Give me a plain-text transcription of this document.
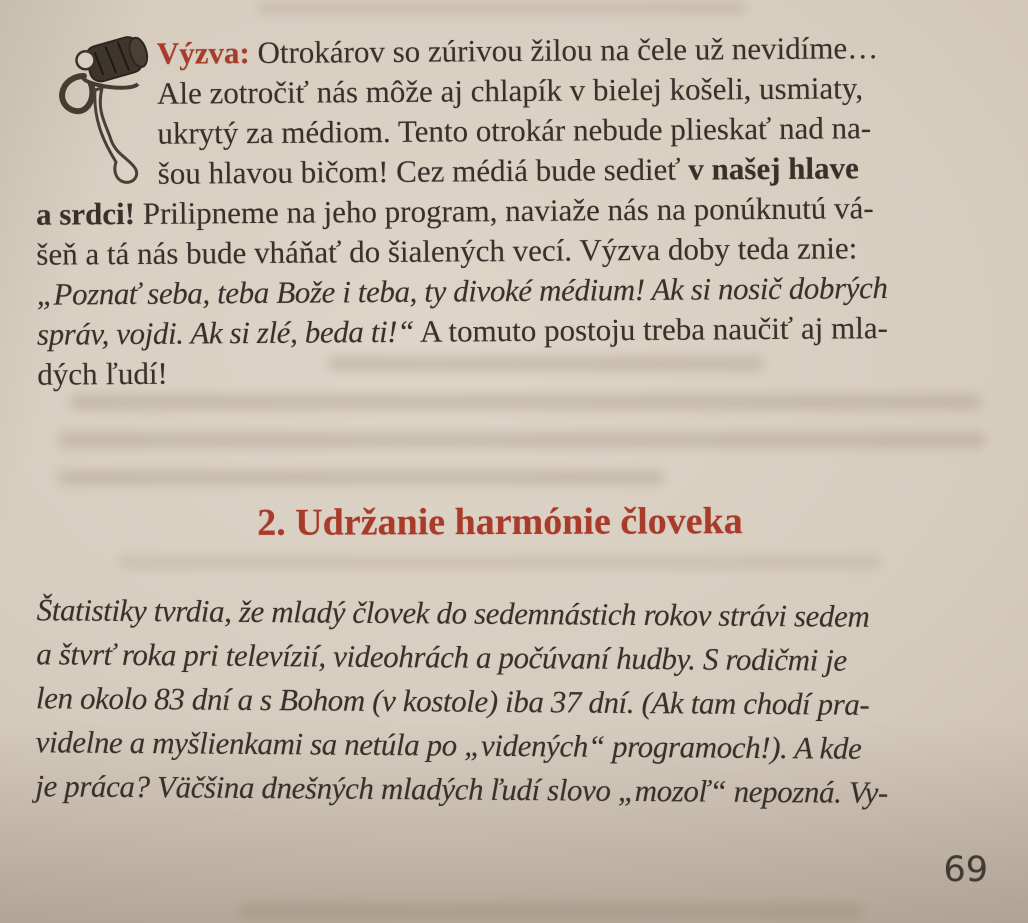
Výzva: Otrokárov so zúrivou žilou na čele už nevidíme…
Ale zotročiť nás môže aj chlapík v bielej košeli, usmiaty,
ukrytý za médiom. Tento otrokár nebude plieskať nad na-
šou hlavou bičom! Cez médiá bude sedieť v našej hlave
a srdci! Prilipneme na jeho program, naviaže nás na ponúknutú vá-
šeň a tá nás bude vháňať do šialených vecí. Výzva doby teda znie:
„Poznať seba, teba Bože i teba, ty divoké médium! Ak si nosič dobrých
správ, vojdi. Ak si zlé, beda ti!“ A tomuto postoju treba naučiť aj mla-
dých ľudí!
2. Udržanie harmónie človeka
Štatistiky tvrdia, že mladý človek do sedemnástich rokov strávi sedem
a štvrť roka pri televízií, videohrách a počúvaní hudby. S rodičmi je
len okolo 83 dní a s Bohom (v kostole) iba 37 dní. (Ak tam chodí pra-
videlne a myšlienkami sa netúla po „videných“ programoch!). A kde
je práca? Väčšina dnešných mladých ľudí slovo „mozoľ“ nepozná. Vy-
69
